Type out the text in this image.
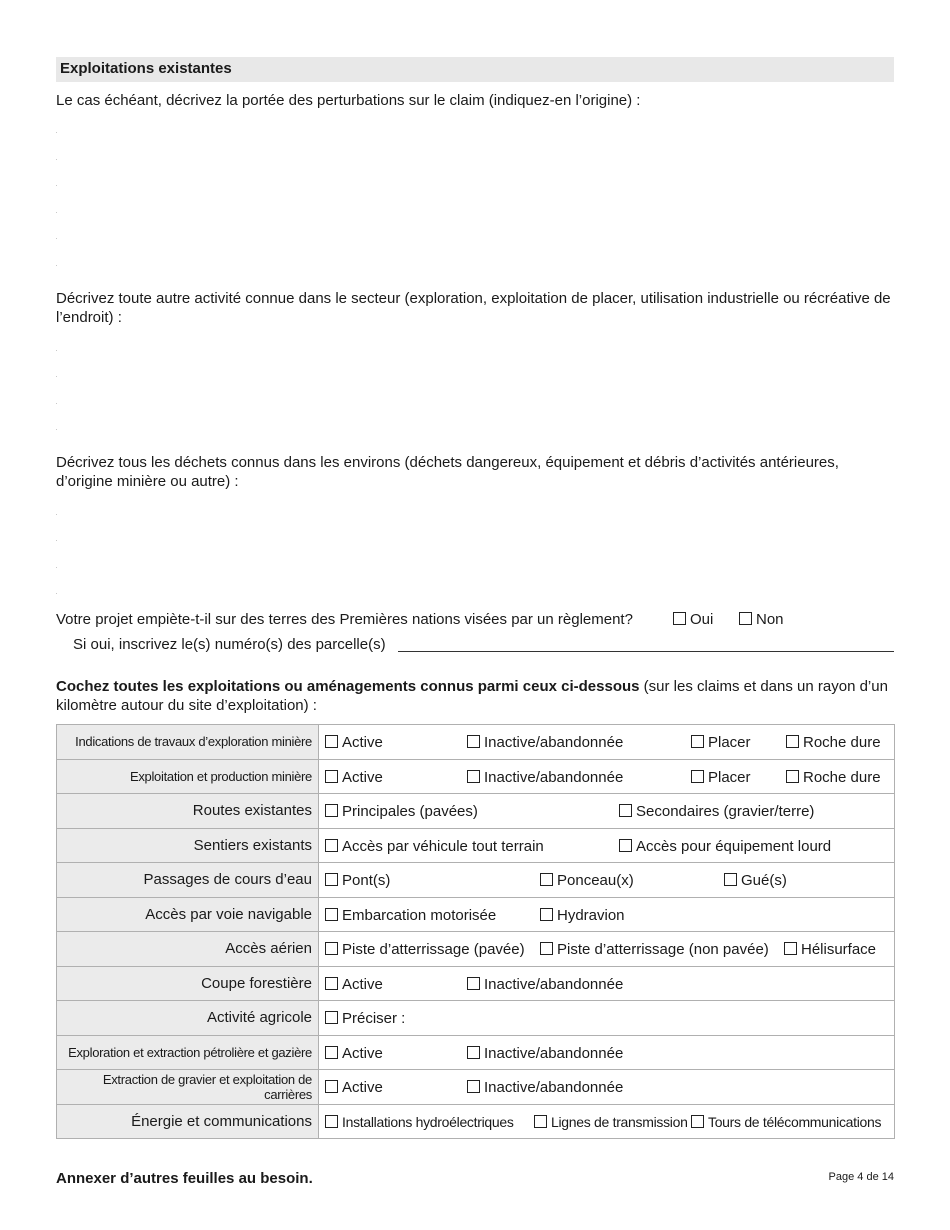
Exploitations existantes
Le cas échéant, décrivez la portée des perturbations sur le claim (indiquez-en l’origine) :
Décrivez toute autre activité connue dans le secteur (exploration, exploitation de placer, utilisation industrielle ou récréative de l’endroit) :
Décrivez tous les déchets connus dans les environs (déchets dangereux, équipement et débris d’activités antérieures, d’origine minière ou autre) :
Votre projet empiète-t-il sur des terres des Premières nations visées par un règlement?	Oui	Non
Si oui, inscrivez le(s) numéro(s) des parcelle(s)
Cochez toutes les exploitations ou aménagements connus parmi ceux ci-dessous (sur les claims et dans un rayon d’un kilomètre autour du site d’exploitation) :
Indications de travaux d’exploration minière	Active Inactive/abandonnée Placer Roche dure

Exploitation et production minière	Active Inactive/abandonnée Placer Roche dure

Routes existantes	Principales (pavées) Secondaires (gravier/terre)

Sentiers existants	Accès par véhicule tout terrain Accès pour équipement lourd

Passages de cours d’eau	Pont(s) Ponceau(x) Gué(s)

Accès par voie navigable	Embarcation motorisée Hydravion

Accès aérien	Piste d’atterrissage (pavée) Piste d’atterrissage (non pavée) Hélisurface

Coupe forestière	Active Inactive/abandonnée

Activité agricole	Préciser :

Exploration et extraction pétrolière et gazière	Active Inactive/abandonnée

Extraction de gravier et exploitation de carrières	Active Inactive/abandonnée

Énergie et communications	Installations hydroélectriques Lignes de transmission Tours de télécommunications
Annexer d’autres feuilles au besoin.	Page 4 de 14
